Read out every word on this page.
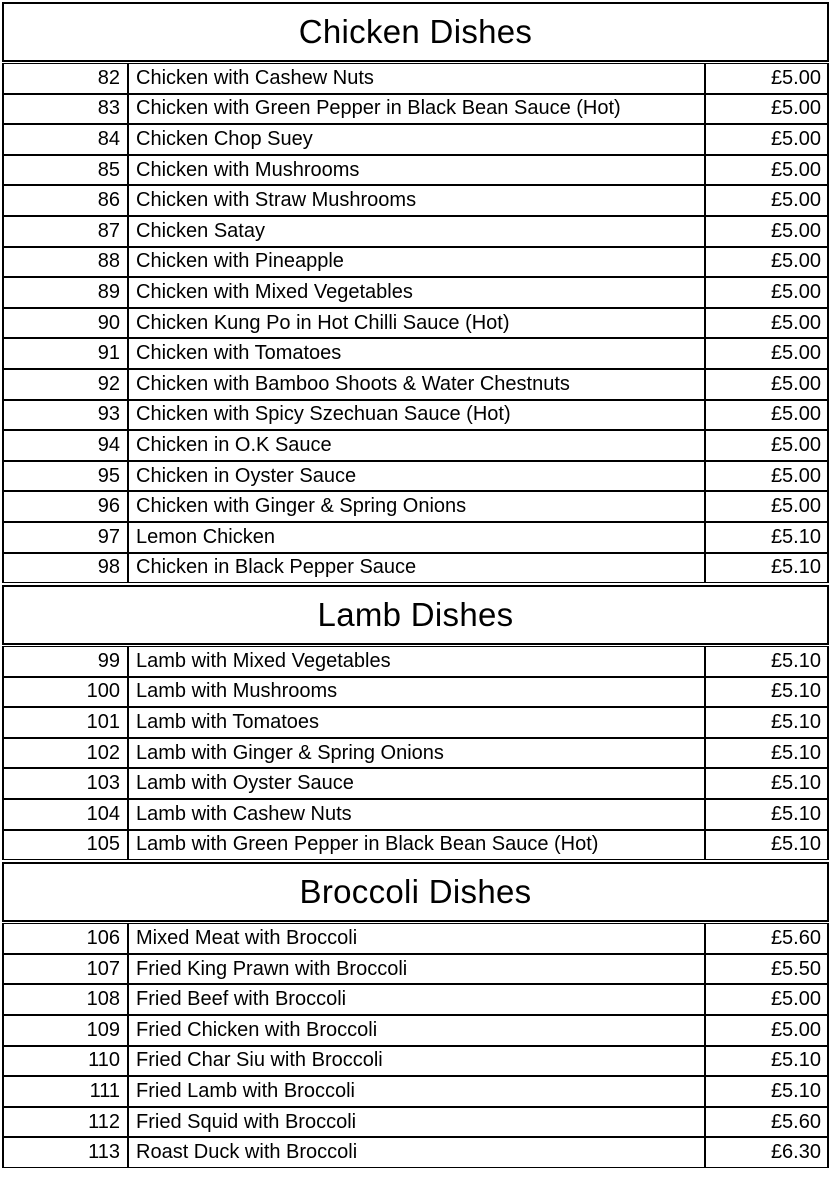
Chicken Dishes
82 Chicken with Cashew Nuts	£5.00
83 Chicken with Green Pepper in Black Bean Sauce (Hot)	£5.00
84 Chicken Chop Suey	£5.00
85 Chicken with Mushrooms	£5.00
86 Chicken with Straw Mushrooms	£5.00
87 Chicken Satay	£5.00
88 Chicken with Pineapple	£5.00
89 Chicken with Mixed Vegetables	£5.00
90 Chicken Kung Po in Hot Chilli Sauce (Hot)	£5.00
91 Chicken with Tomatoes	£5.00
92 Chicken with Bamboo Shoots & Water Chestnuts	£5.00
93 Chicken with Spicy Szechuan Sauce (Hot)	£5.00
94 Chicken in O.K Sauce	£5.00
95 Chicken in Oyster Sauce	£5.00
96 Chicken with Ginger & Spring Onions	£5.00
97 Lemon Chicken	£5.10
98 Chicken in Black Pepper Sauce	£5.10
Lamb Dishes
99 Lamb with Mixed Vegetables	£5.10
100 Lamb with Mushrooms	£5.10
101 Lamb with Tomatoes	£5.10
102 Lamb with Ginger & Spring Onions	£5.10
103 Lamb with Oyster Sauce	£5.10
104 Lamb with Cashew Nuts	£5.10
105 Lamb with Green Pepper in Black Bean Sauce (Hot)	£5.10
Broccoli Dishes
106 Mixed Meat with Broccoli	£5.60
107 Fried King Prawn with Broccoli	£5.50
108 Fried Beef with Broccoli	£5.00
109 Fried Chicken with Broccoli	£5.00
110 Fried Char Siu with Broccoli	£5.10
111 Fried Lamb with Broccoli	£5.10
112 Fried Squid with Broccoli	£5.60
113 Roast Duck with Broccoli	£6.30
